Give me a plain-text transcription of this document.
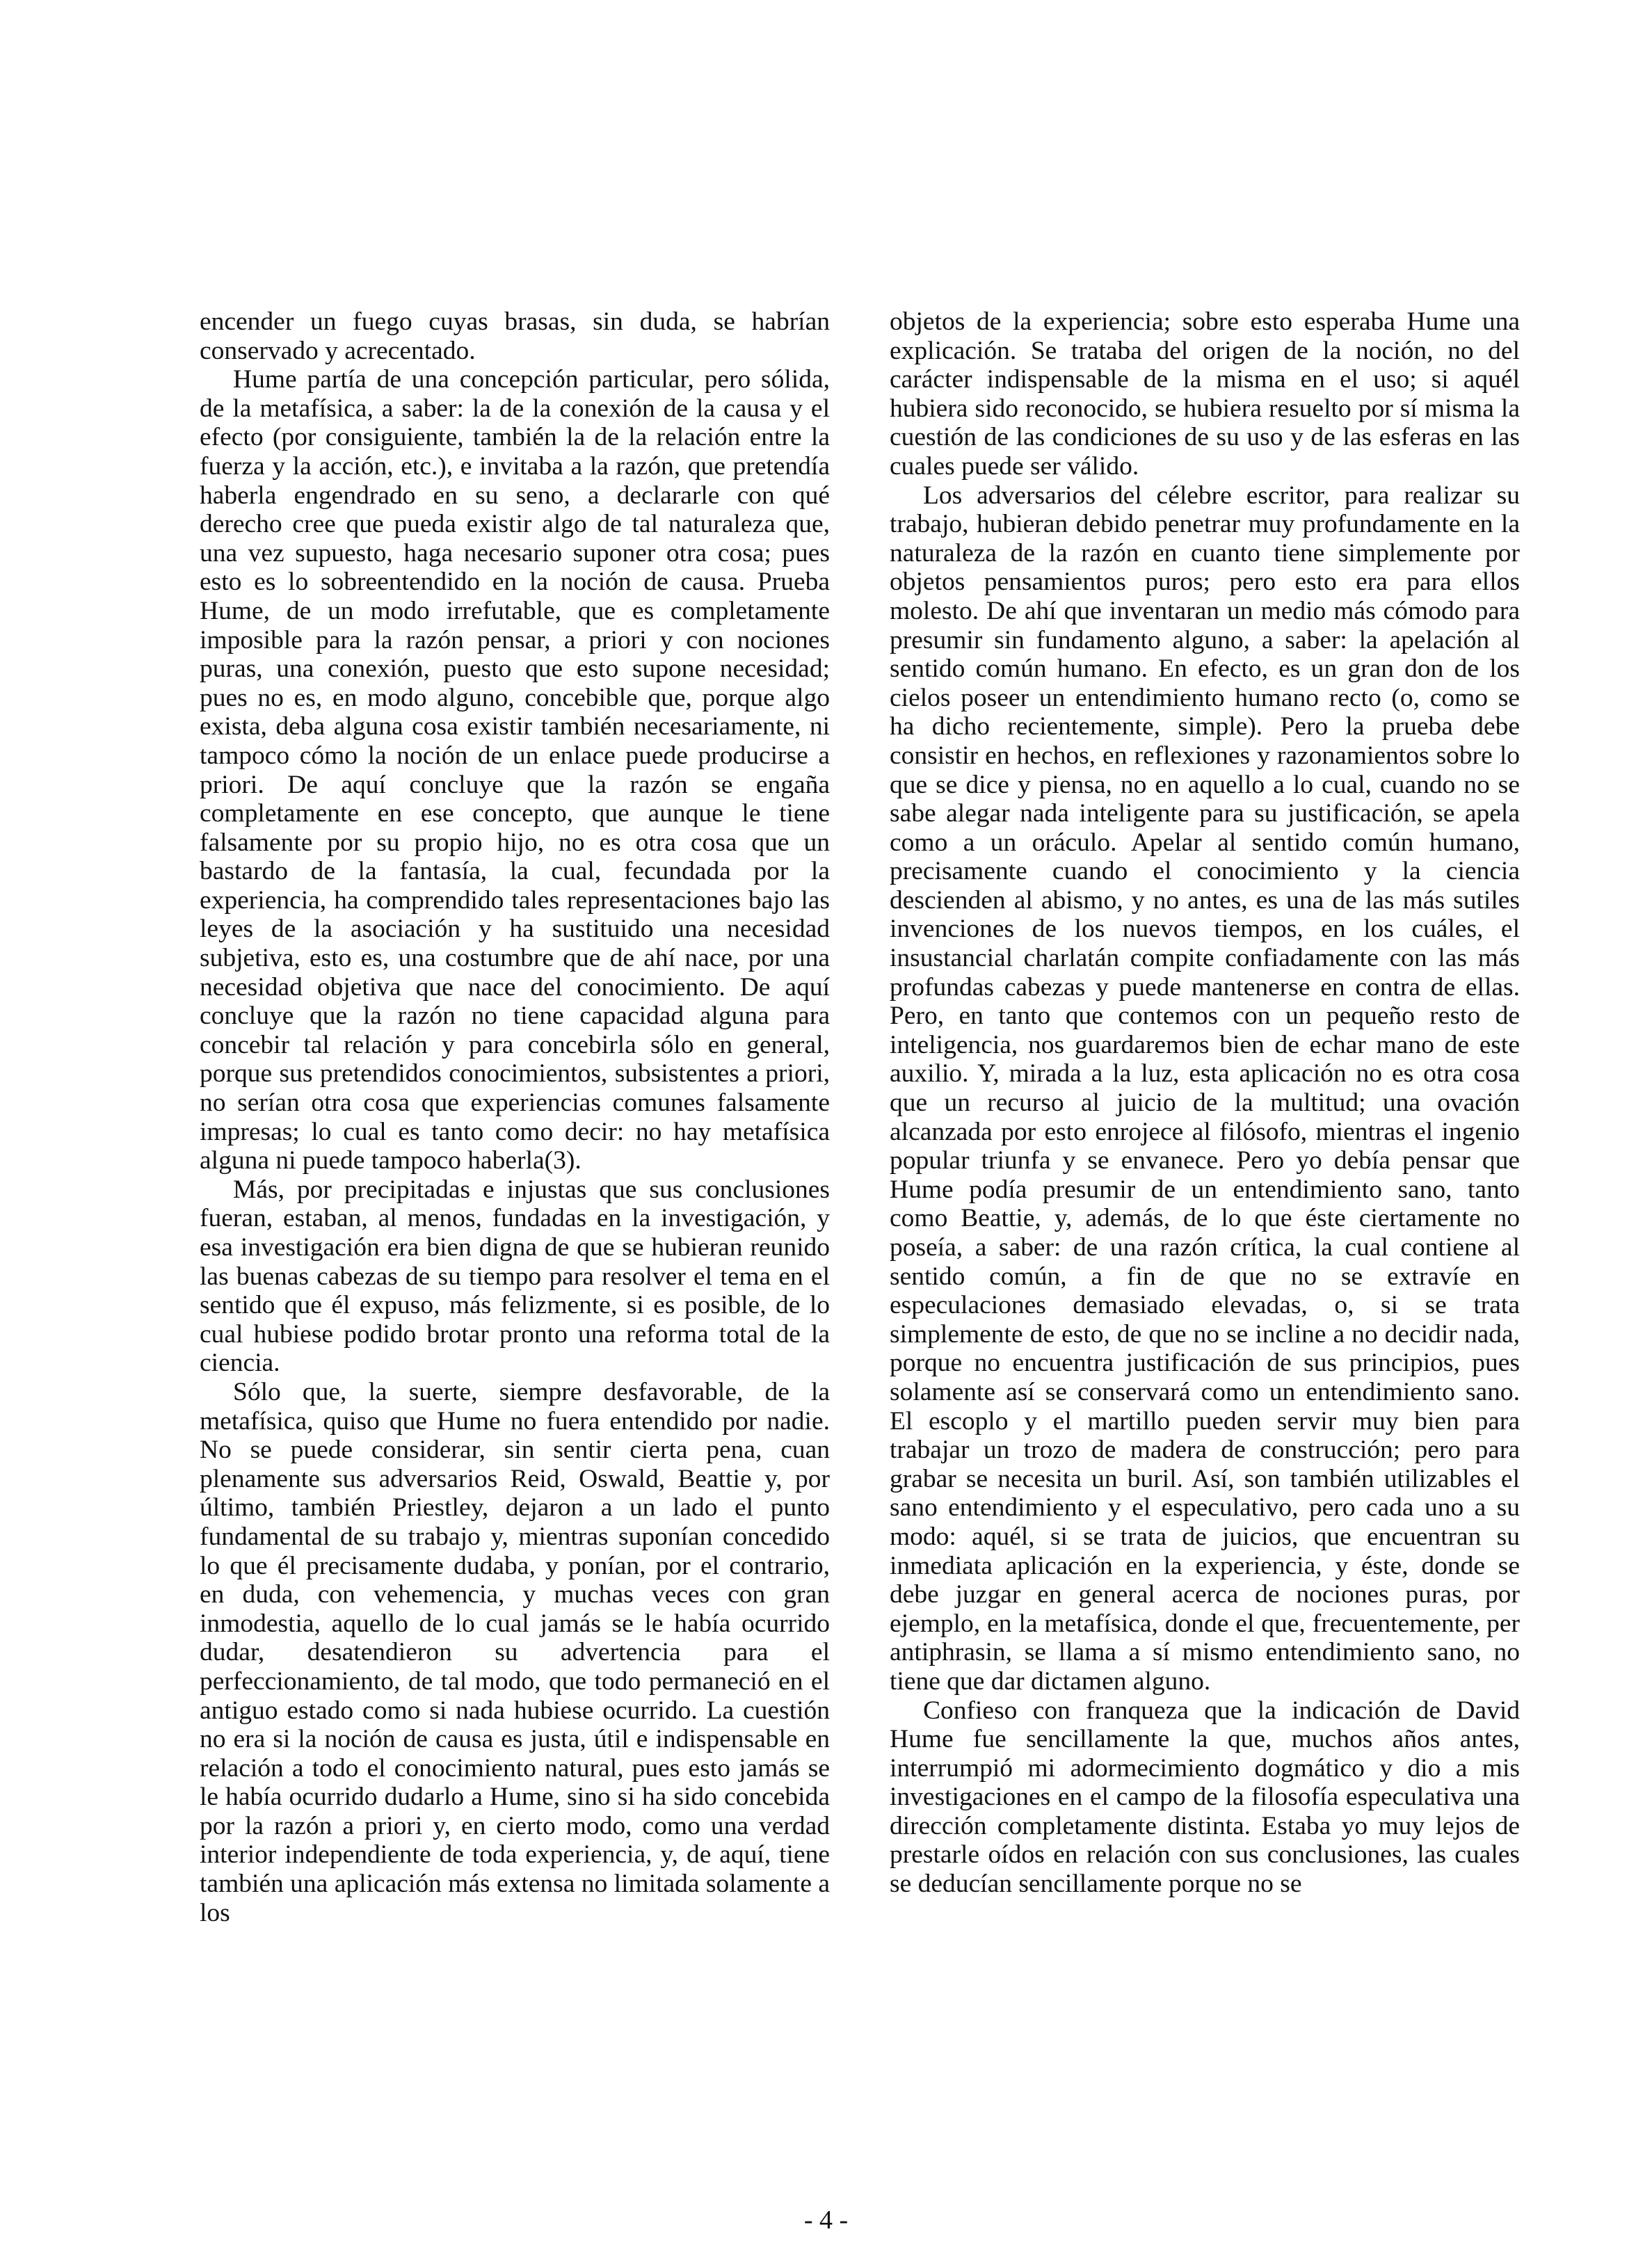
encender un fuego cuyas brasas, sin duda, se habrían conservado y acrecentado.

Hume partía de una concepción particular, pero sólida, de la metafísica, a saber: la de la conexión de la causa y el efecto (por consiguiente, también la de la relación entre la fuerza y la acción, etc.), e invitaba a la razón, que pretendía haberla engendrado en su seno, a declararle con qué derecho cree que pueda existir algo de tal naturaleza que, una vez supuesto, haga necesario suponer otra cosa; pues esto es lo sobreentendido en la noción de causa. Prueba Hume, de un modo irrefutable, que es completamente imposible para la razón pensar, a priori y con nociones puras, una conexión, puesto que esto supone necesidad; pues no es, en modo alguno, concebible que, porque algo exista, deba alguna cosa existir también necesariamente, ni tampoco cómo la noción de un enlace puede producirse a priori. De aquí concluye que la razón se engaña completamente en ese concepto, que aunque le tiene falsamente por su propio hijo, no es otra cosa que un bastardo de la fantasía, la cual, fecundada por la experiencia, ha comprendido tales representaciones bajo las leyes de la asociación y ha sustituido una necesidad subjetiva, esto es, una costumbre que de ahí nace, por una necesidad objetiva que nace del conocimiento. De aquí concluye que la razón no tiene capacidad alguna para concebir tal relación y para concebirla sólo en general, porque sus pretendidos conocimientos, subsistentes a priori, no serían otra cosa que experiencias comunes falsamente impresas; lo cual es tanto como decir: no hay metafísica alguna ni puede tampoco haberla(3).

Más, por precipitadas e injustas que sus conclusiones fueran, estaban, al menos, fundadas en la investigación, y esa investigación era bien digna de que se hubieran reunido las buenas cabezas de su tiempo para resolver el tema en el sentido que él expuso, más felizmente, si es posible, de lo cual hubiese podido brotar pronto una reforma total de la ciencia.

Sólo que, la suerte, siempre desfavorable, de la metafísica, quiso que Hume no fuera entendido por nadie. No se puede considerar, sin sentir cierta pena, cuan plenamente sus adversarios Reid, Oswald, Beattie y, por último, también Priestley, dejaron a un lado el punto fundamental de su trabajo y, mientras suponían concedido lo que él precisamente dudaba, y ponían, por el contrario, en duda, con vehemencia, y muchas veces con gran inmodestia, aquello de lo cual jamás se le había ocurrido dudar, desatendieron su advertencia para el perfeccionamiento, de tal modo, que todo permaneció en el antiguo estado como si nada hubiese ocurrido. La cuestión no era si la noción de causa es justa, útil e indispensable en relación a todo el conocimiento natural, pues esto jamás se le había ocurrido dudarlo a Hume, sino si ha sido concebida por la razón a priori y, en cierto modo, como una verdad interior independiente de toda experiencia, y, de aquí, tiene también una aplicación más extensa no limitada solamente a los

objetos de la experiencia; sobre esto esperaba Hume una explicación. Se trataba del origen de la noción, no del carácter indispensable de la misma en el uso; si aquél hubiera sido reconocido, se hubiera resuelto por sí misma la cuestión de las condiciones de su uso y de las esferas en las cuales puede ser válido.

Los adversarios del célebre escritor, para realizar su trabajo, hubieran debido penetrar muy profundamente en la naturaleza de la razón en cuanto tiene simplemente por objetos pensamientos puros; pero esto era para ellos molesto. De ahí que inventaran un medio más cómodo para presumir sin fundamento alguno, a saber: la apelación al sentido común humano. En efecto, es un gran don de los cielos poseer un entendimiento humano recto (o, como se ha dicho recientemente, simple). Pero la prueba debe consistir en hechos, en reflexiones y razonamientos sobre lo que se dice y piensa, no en aquello a lo cual, cuando no se sabe alegar nada inteligente para su justificación, se apela como a un oráculo. Apelar al sentido común humano, precisamente cuando el conocimiento y la ciencia descienden al abismo, y no antes, es una de las más sutiles invenciones de los nuevos tiempos, en los cuáles, el insustancial charlatán compite confiadamente con las más profundas cabezas y puede mantenerse en contra de ellas. Pero, en tanto que contemos con un pequeño resto de inteligencia, nos guardaremos bien de echar mano de este auxilio. Y, mirada a la luz, esta aplicación no es otra cosa que un recurso al juicio de la multitud; una ovación alcanzada por esto enrojece al filósofo, mientras el ingenio popular triunfa y se envanece. Pero yo debía pensar que Hume podía presumir de un entendimiento sano, tanto como Beattie, y, además, de lo que éste ciertamente no poseía, a saber: de una razón crítica, la cual contiene al sentido común, a fin de que no se extravíe en especulaciones demasiado elevadas, o, si se trata simplemente de esto, de que no se incline a no decidir nada, porque no encuentra justificación de sus principios, pues solamente así se conservará como un entendimiento sano. El escoplo y el martillo pueden servir muy bien para trabajar un trozo de madera de construcción; pero para grabar se necesita un buril. Así, son también utilizables el sano entendimiento y el especulativo, pero cada uno a su modo: aquél, si se trata de juicios, que encuentran su inmediata aplicación en la experiencia, y éste, donde se debe juzgar en general acerca de nociones puras, por ejemplo, en la metafísica, donde el que, frecuentemente, per antiphrasin, se llama a sí mismo entendimiento sano, no tiene que dar dictamen alguno.

Confieso con franqueza que la indicación de David Hume fue sencillamente la que, muchos años antes, interrumpió mi adormecimiento dogmático y dio a mis investigaciones en el campo de la filosofía especulativa una dirección completamente distinta. Estaba yo muy lejos de prestarle oídos en relación con sus conclusiones, las cuales se deducían sencillamente porque no se

- 4 -
